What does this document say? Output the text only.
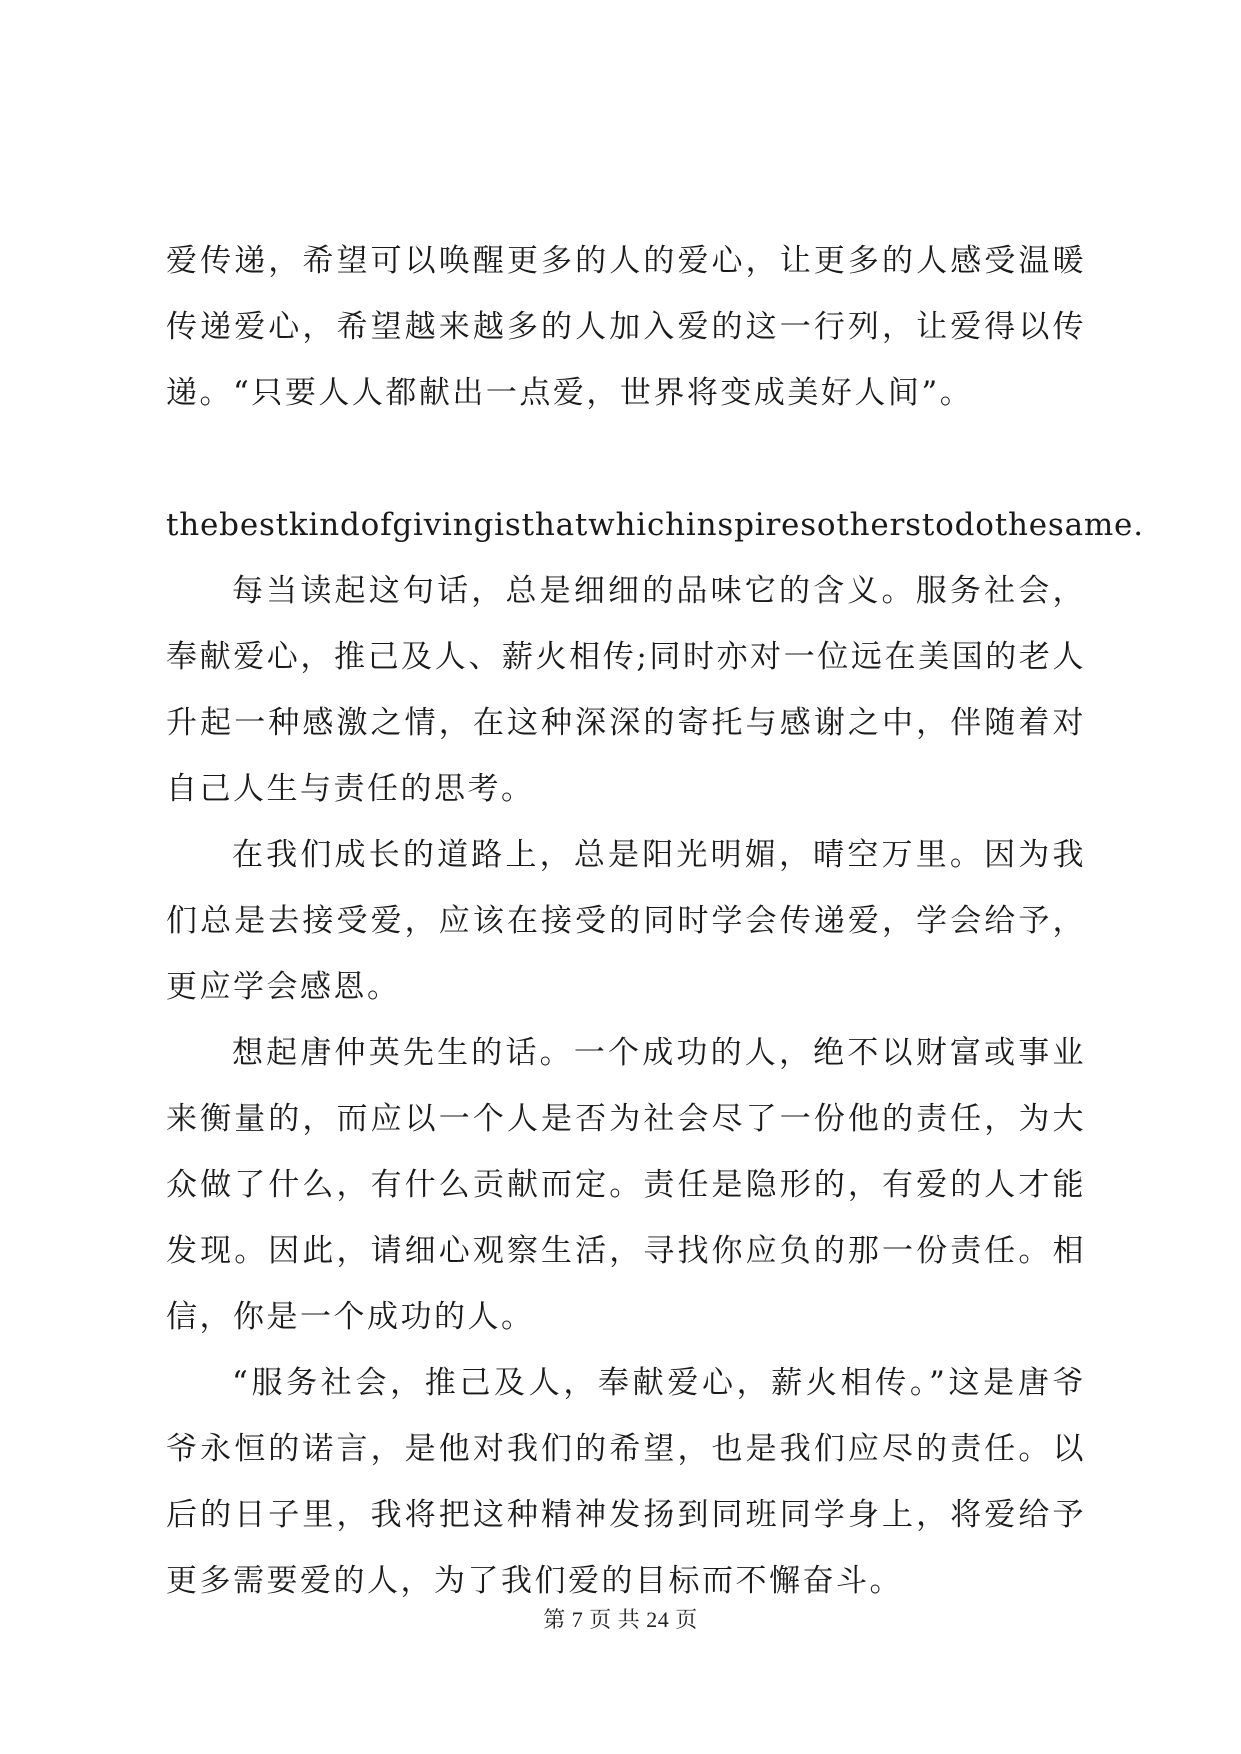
爱传递，希望可以唤醒更多的人的爱心，让更多的人感受温暖传递爱心，希望越来越多的人加入爱的这一行列，让爱得以传递。“只要人人都献出一点爱，世界将变成美好人间”。

thebestkindofgivingisthatwhichinspiresotherstodothesame.

每当读起这句话，总是细细的品味它的含义。服务社会，奉献爱心，推己及人、薪火相传;同时亦对一位远在美国的老人升起一种感激之情，在这种深深的寄托与感谢之中，伴随着对自己人生与责任的思考。

在我们成长的道路上，总是阳光明媚，晴空万里。因为我们总是去接受爱，应该在接受的同时学会传递爱，学会给予，更应学会感恩。

想起唐仲英先生的话。一个成功的人，绝不以财富或事业来衡量的，而应以一个人是否为社会尽了一份他的责任，为大众做了什么，有什么贡献而定。责任是隐形的，有爱的人才能发现。因此，请细心观察生活，寻找你应负的那一份责任。相信，你是一个成功的人。

“服务社会，推己及人，奉献爱心，薪火相传。”这是唐爷爷永恒的诺言，是他对我们的希望，也是我们应尽的责任。以后的日子里，我将把这种精神发扬到同班同学身上，将爱给予更多需要爱的人，为了我们爱的目标而不懈奋斗。

第 7 页 共 24 页
